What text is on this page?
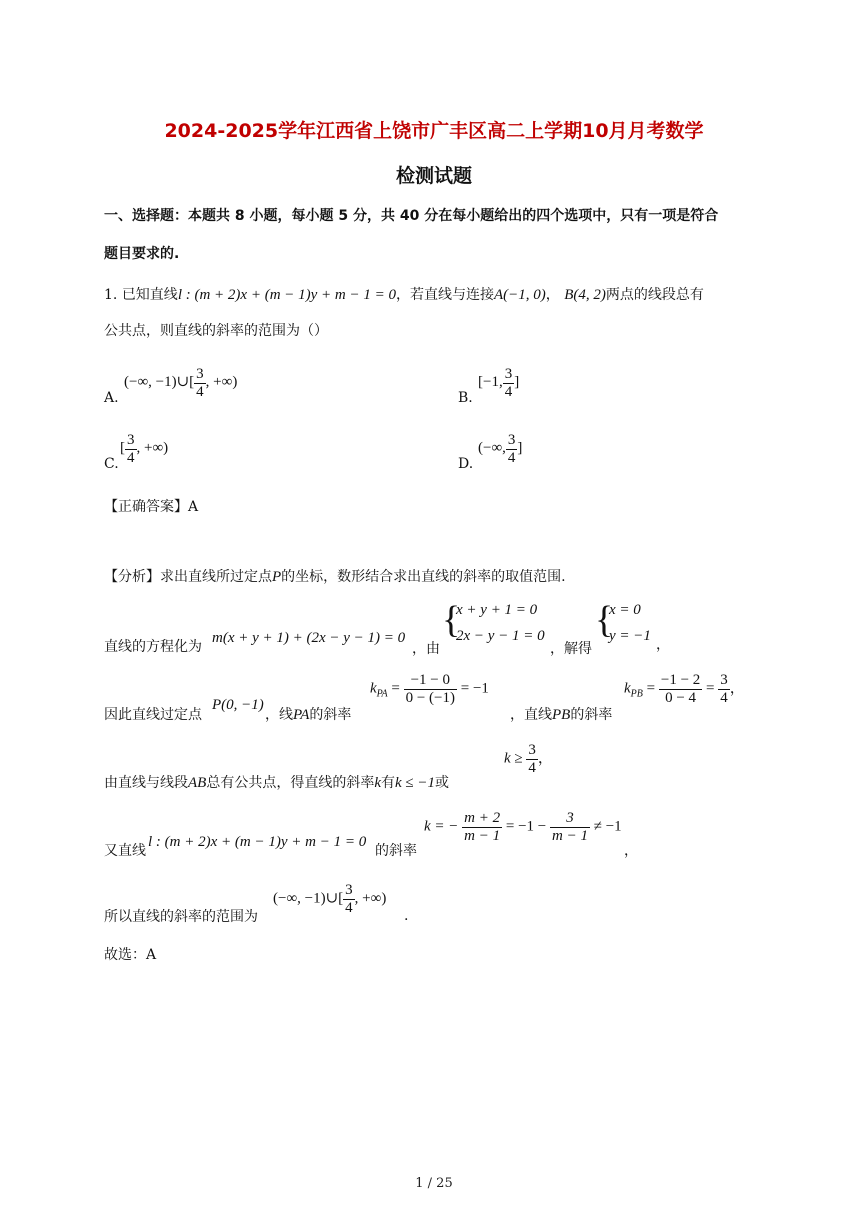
2024-2025学年江西省上饶市广丰区高二上学期10月月考数学
检测试题
一、选择题：本题共 8 小题，每小题 5 分，共 40 分在每小题给出的四个选项中，只有一项是符合
题目要求的.
1. 已知直线l : (m + 2)x + (m − 1)y + m − 1 = 0，若直线与连接A(−1, 0)， B(4, 2)两点的线段总有
公共点，则直线的斜率的范围为（）
(−∞, −1)∪[ $\frac{3}{4}$ , +∞)
A.
[−1, $\frac{3}{4}$ ]
B.
[ $\frac{3}{4}$ , +∞)
C.
(−∞, $\frac{3}{4}$ ]
D.
【正确答案】A
【分析】求出直线所过定点P的坐标，数形结合求出直线的斜率的取值范围.
直线的方程化为
m(x + y + 1) + (2x − y − 1) = 0
，由
{
x + y + 1 = 0
2x − y − 1 = 0
，解得
{
x = 0
y = −1
，
因此直线过定点
P(0, −1)
，线PA的斜率
$k_{PA} = \frac{-1 - 0}{0 - (-1)} = -1$
，直线PB的斜率
$k_{PB} = \frac{-1 - 2}{0 - 4} = \frac{3}{4}$ ，
由直线与线段AB总有公共点，得直线的斜率k有k ≤ −1或
$k \ge \frac{3}{4}$ ，
又直线
l : (m + 2)x + (m − 1)y + m − 1 = 0
的斜率
k = − $\frac{m + 2}{m - 1} = -1 - \frac{3}{m - 1} \ne -1$
，
所以直线的斜率的范围为
(−∞, −1)∪[ $\frac{3}{4}$ , +∞)
.
故选：A
1 / 25
